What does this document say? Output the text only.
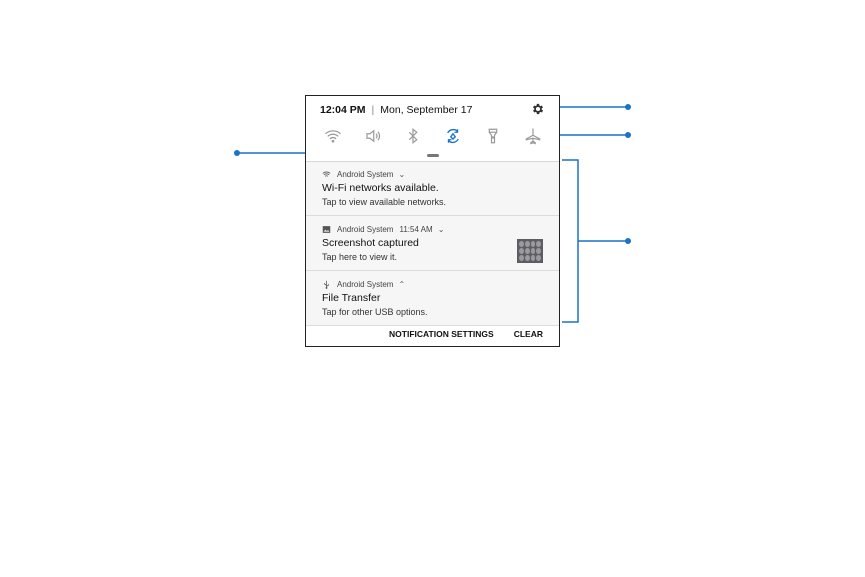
12:04 PM | Mon, September 17
Android System ⌄
Wi-Fi networks available.
Tap to view available networks.
Android System 11:54 AM ⌄
Screenshot captured
Tap here to view it.
Android System ⌃
File Transfer
Tap for other USB options.
NOTIFICATION SETTINGS CLEAR
